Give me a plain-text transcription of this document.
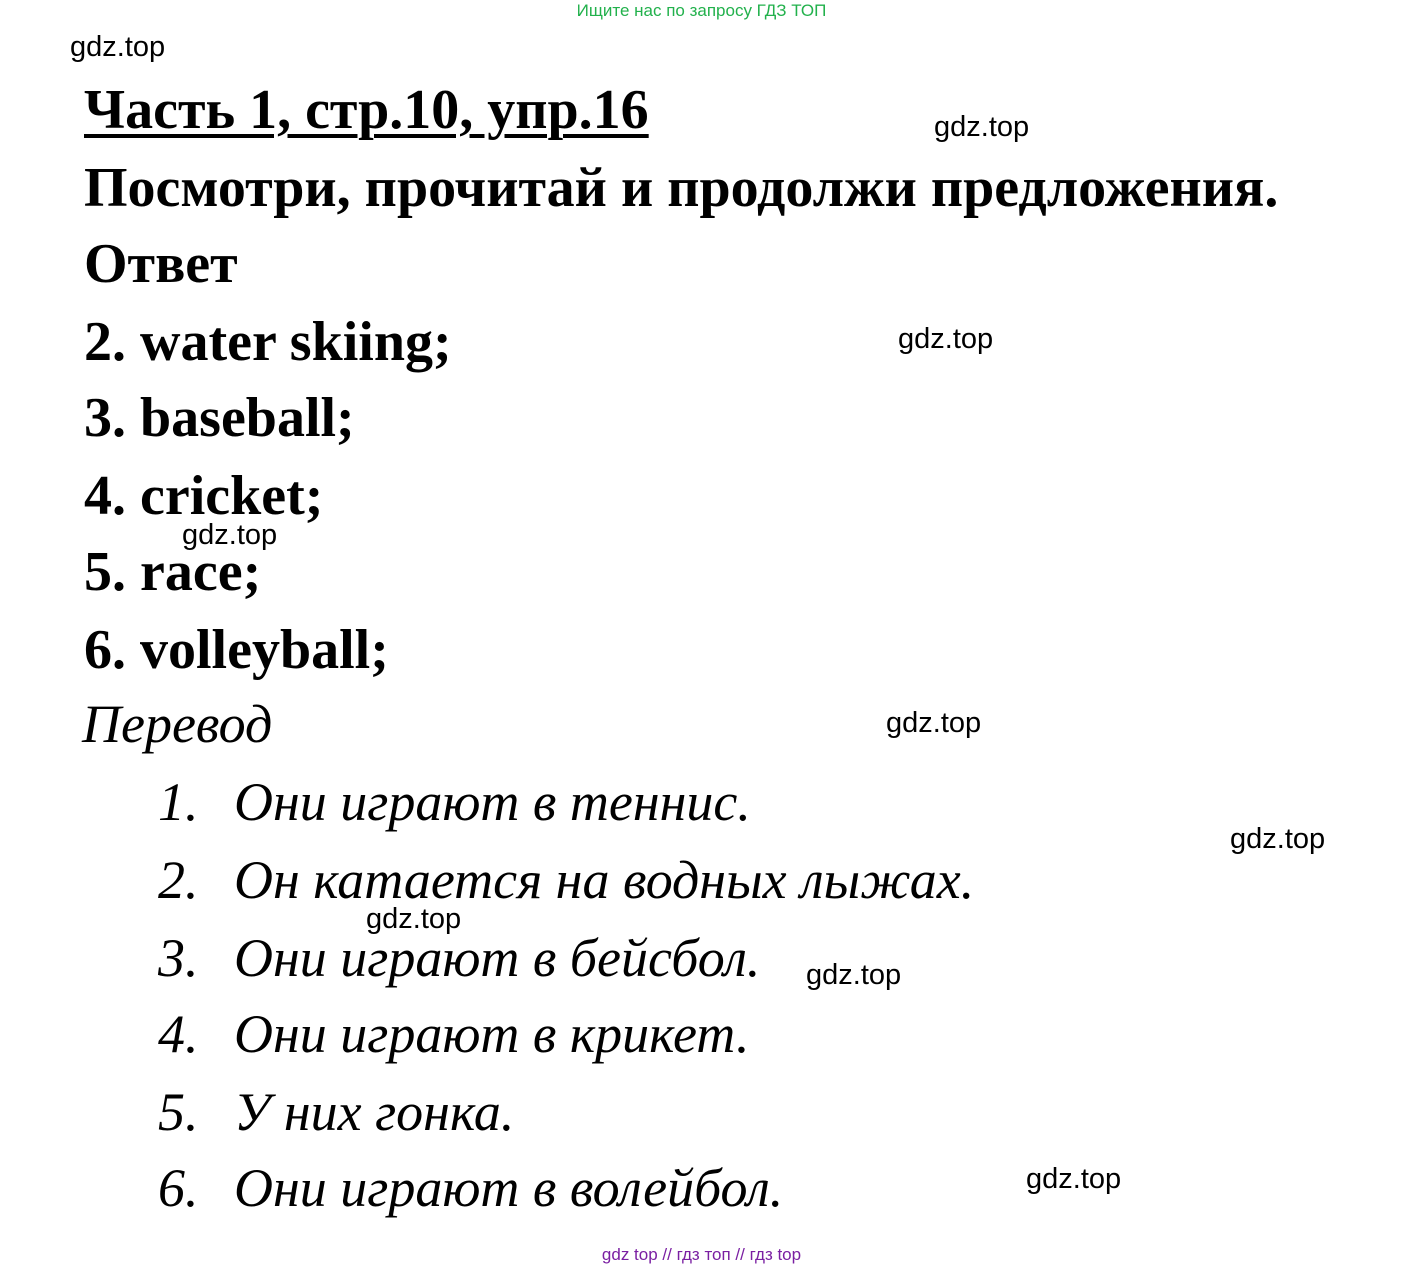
Ищите нас по запросу ГДЗ ТОП
gdz.top
gdz.top
gdz.top
gdz.top
gdz.top
gdz.top
gdz.top
gdz.top
gdz.top
Часть 1, стр.10, упр.16
Посмотри, прочитай и продолжи предложения.
Ответ
2. water skiing;
3. baseball;
4. cricket;
5. race;
6. volleyball;
Перевод
1. Они играют в теннис.
2. Он катается на водных лыжах.
3. Они играют в бейсбол.
4. Они играют в крикет.
5. У них гонка.
6. Они играют в волейбол.
gdz top // гдз топ // гдз top
